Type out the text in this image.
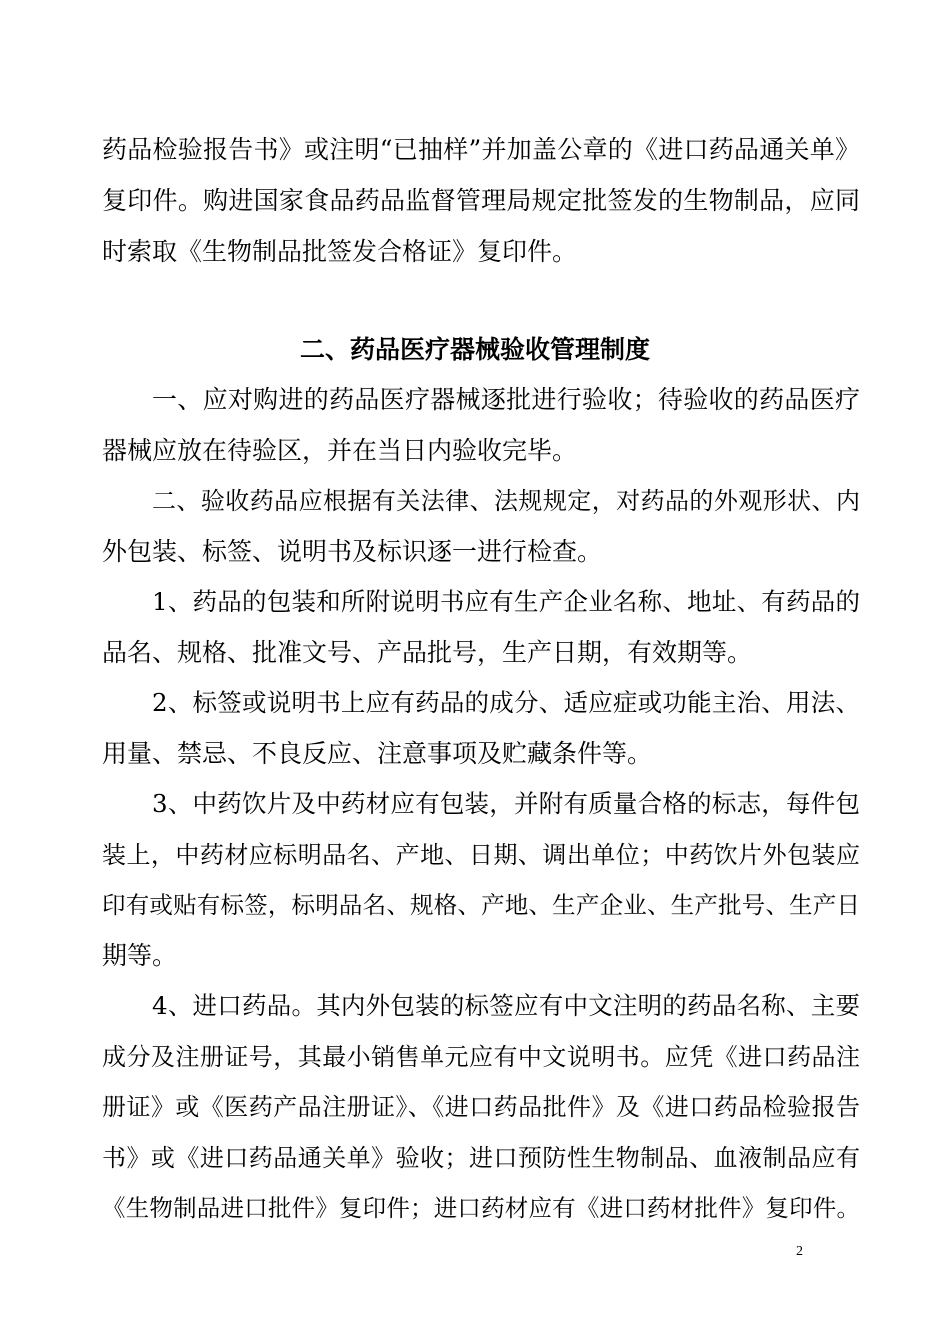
药品检验报告书》或注明“已抽样”并加盖公章的《进口药品通关单》
复印件。购进国家食品药品监督管理局规定批签发的生物制品，应同
时索取《生物制品批签发合格证》复印件。
二、药品医疗器械验收管理制度
一、应对购进的药品医疗器械逐批进行验收；待验收的药品医疗
器械应放在待验区，并在当日内验收完毕。
二、验收药品应根据有关法律、法规规定，对药品的外观形状、内
外包装、标签、说明书及标识逐一进行检查。
1、药品的包装和所附说明书应有生产企业名称、地址、有药品的
品名、规格、批准文号、产品批号，生产日期，有效期等。
2、标签或说明书上应有药品的成分、适应症或功能主治、用法、
用量、禁忌、不良反应、注意事项及贮藏条件等。
3、中药饮片及中药材应有包装，并附有质量合格的标志，每件包
装上，中药材应标明品名、产地、日期、调出单位；中药饮片外包装应
印有或贴有标签，标明品名、规格、产地、生产企业、生产批号、生产日
期等。
4、进口药品。其内外包装的标签应有中文注明的药品名称、主要
成分及注册证号，其最小销售单元应有中文说明书。应凭《进口药品注
册证》或《医药产品注册证》、《进口药品批件》及《进口药品检验报告
书》或《进口药品通关单》验收；进口预防性生物制品、血液制品应有
《生物制品进口批件》复印件；进口药材应有《进口药材批件》复印件。
2
